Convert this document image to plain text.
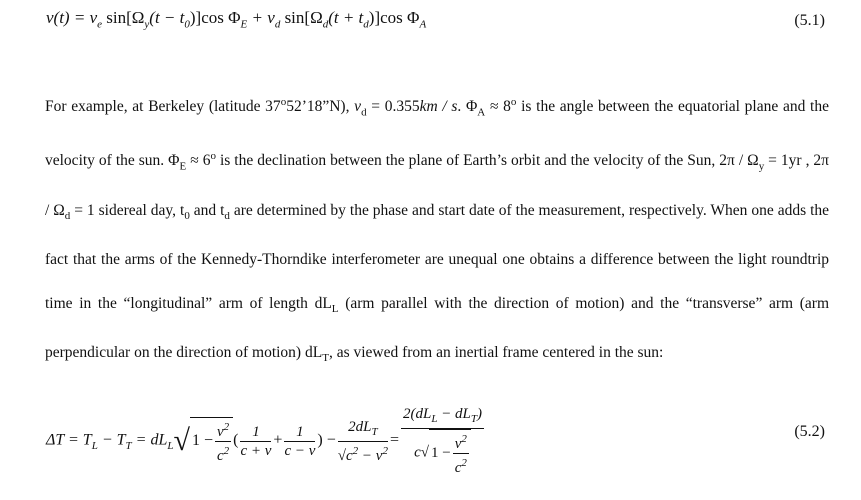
$v(t) = v_e$ $\sin[\Omega_y(t - t_0)]\cos$ $\Phi_E + v_d$ $\sin[\Omega_d(t + t_d)]\cos$ $\Phi_A$	(5.1)
For example, at Berkeley (latitude 37$^o$52’18”N), $v_d = 0.355km / s$. $\Phi_A \approx 8^o$ is the angle between the equatorial plane and the velocity of the sun. $\Phi_E \approx 6^o$ is the declination between the plane of Earth’s orbit and the velocity of the Sun, $2\pi / \Omega_y = 1yr$ , $2\pi / \Omega_d = 1$ sidereal day, $t_0$ and $t_d$ are determined by the phase and start date of the measurement, respectively. When one adds the fact that the arms of the Kennedy-Thorndike interferometer are unequal one obtains a difference between the light roundtrip time in the “longitudinal” arm of length $dL_L$ (arm parallel with the direction of motion) and the “transverse” arm (arm perpendicular on the direction of motion) $dL_T$, as viewed from an inertial frame centered in the sun:
$\Delta T = T_L - T_T = dL_L√$ $1 - \frac{v^2}{c^2}$ ( $\frac{1}{c + v} + \frac{1}{c - v}$ ) − $\frac{2dL_T}{√c^2 - v^2} = \frac{2(dL_L - dL_T)}{c√ 1 - \frac{v^2}{c^2}}$	(5.2)
